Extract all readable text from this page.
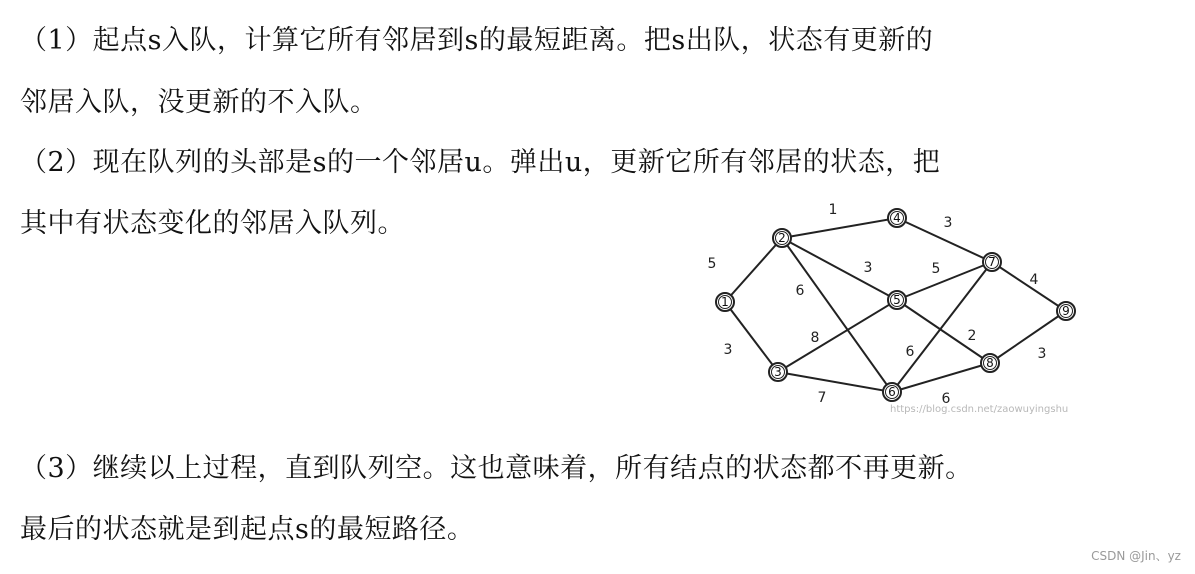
（1）起点s入队，计算它所有邻居到s的最短距离。把s出队，状态有更新的
邻居入队，没更新的不入队。
（2）现在队列的头部是s的一个邻居u。弹出u，更新它所有邻居的状态，把
其中有状态变化的邻居入队列。
5
3
1
3
6
8
7
3
5
2
6
6
4
3
1
2
3
4
5
6
7
8
9
https://blog.csdn.net/zaowuyingshu
（3）继续以上过程，直到队列空。这也意味着，所有结点的状态都不再更新。
最后的状态就是到起点s的最短路径。
CSDN @Jin、yz
